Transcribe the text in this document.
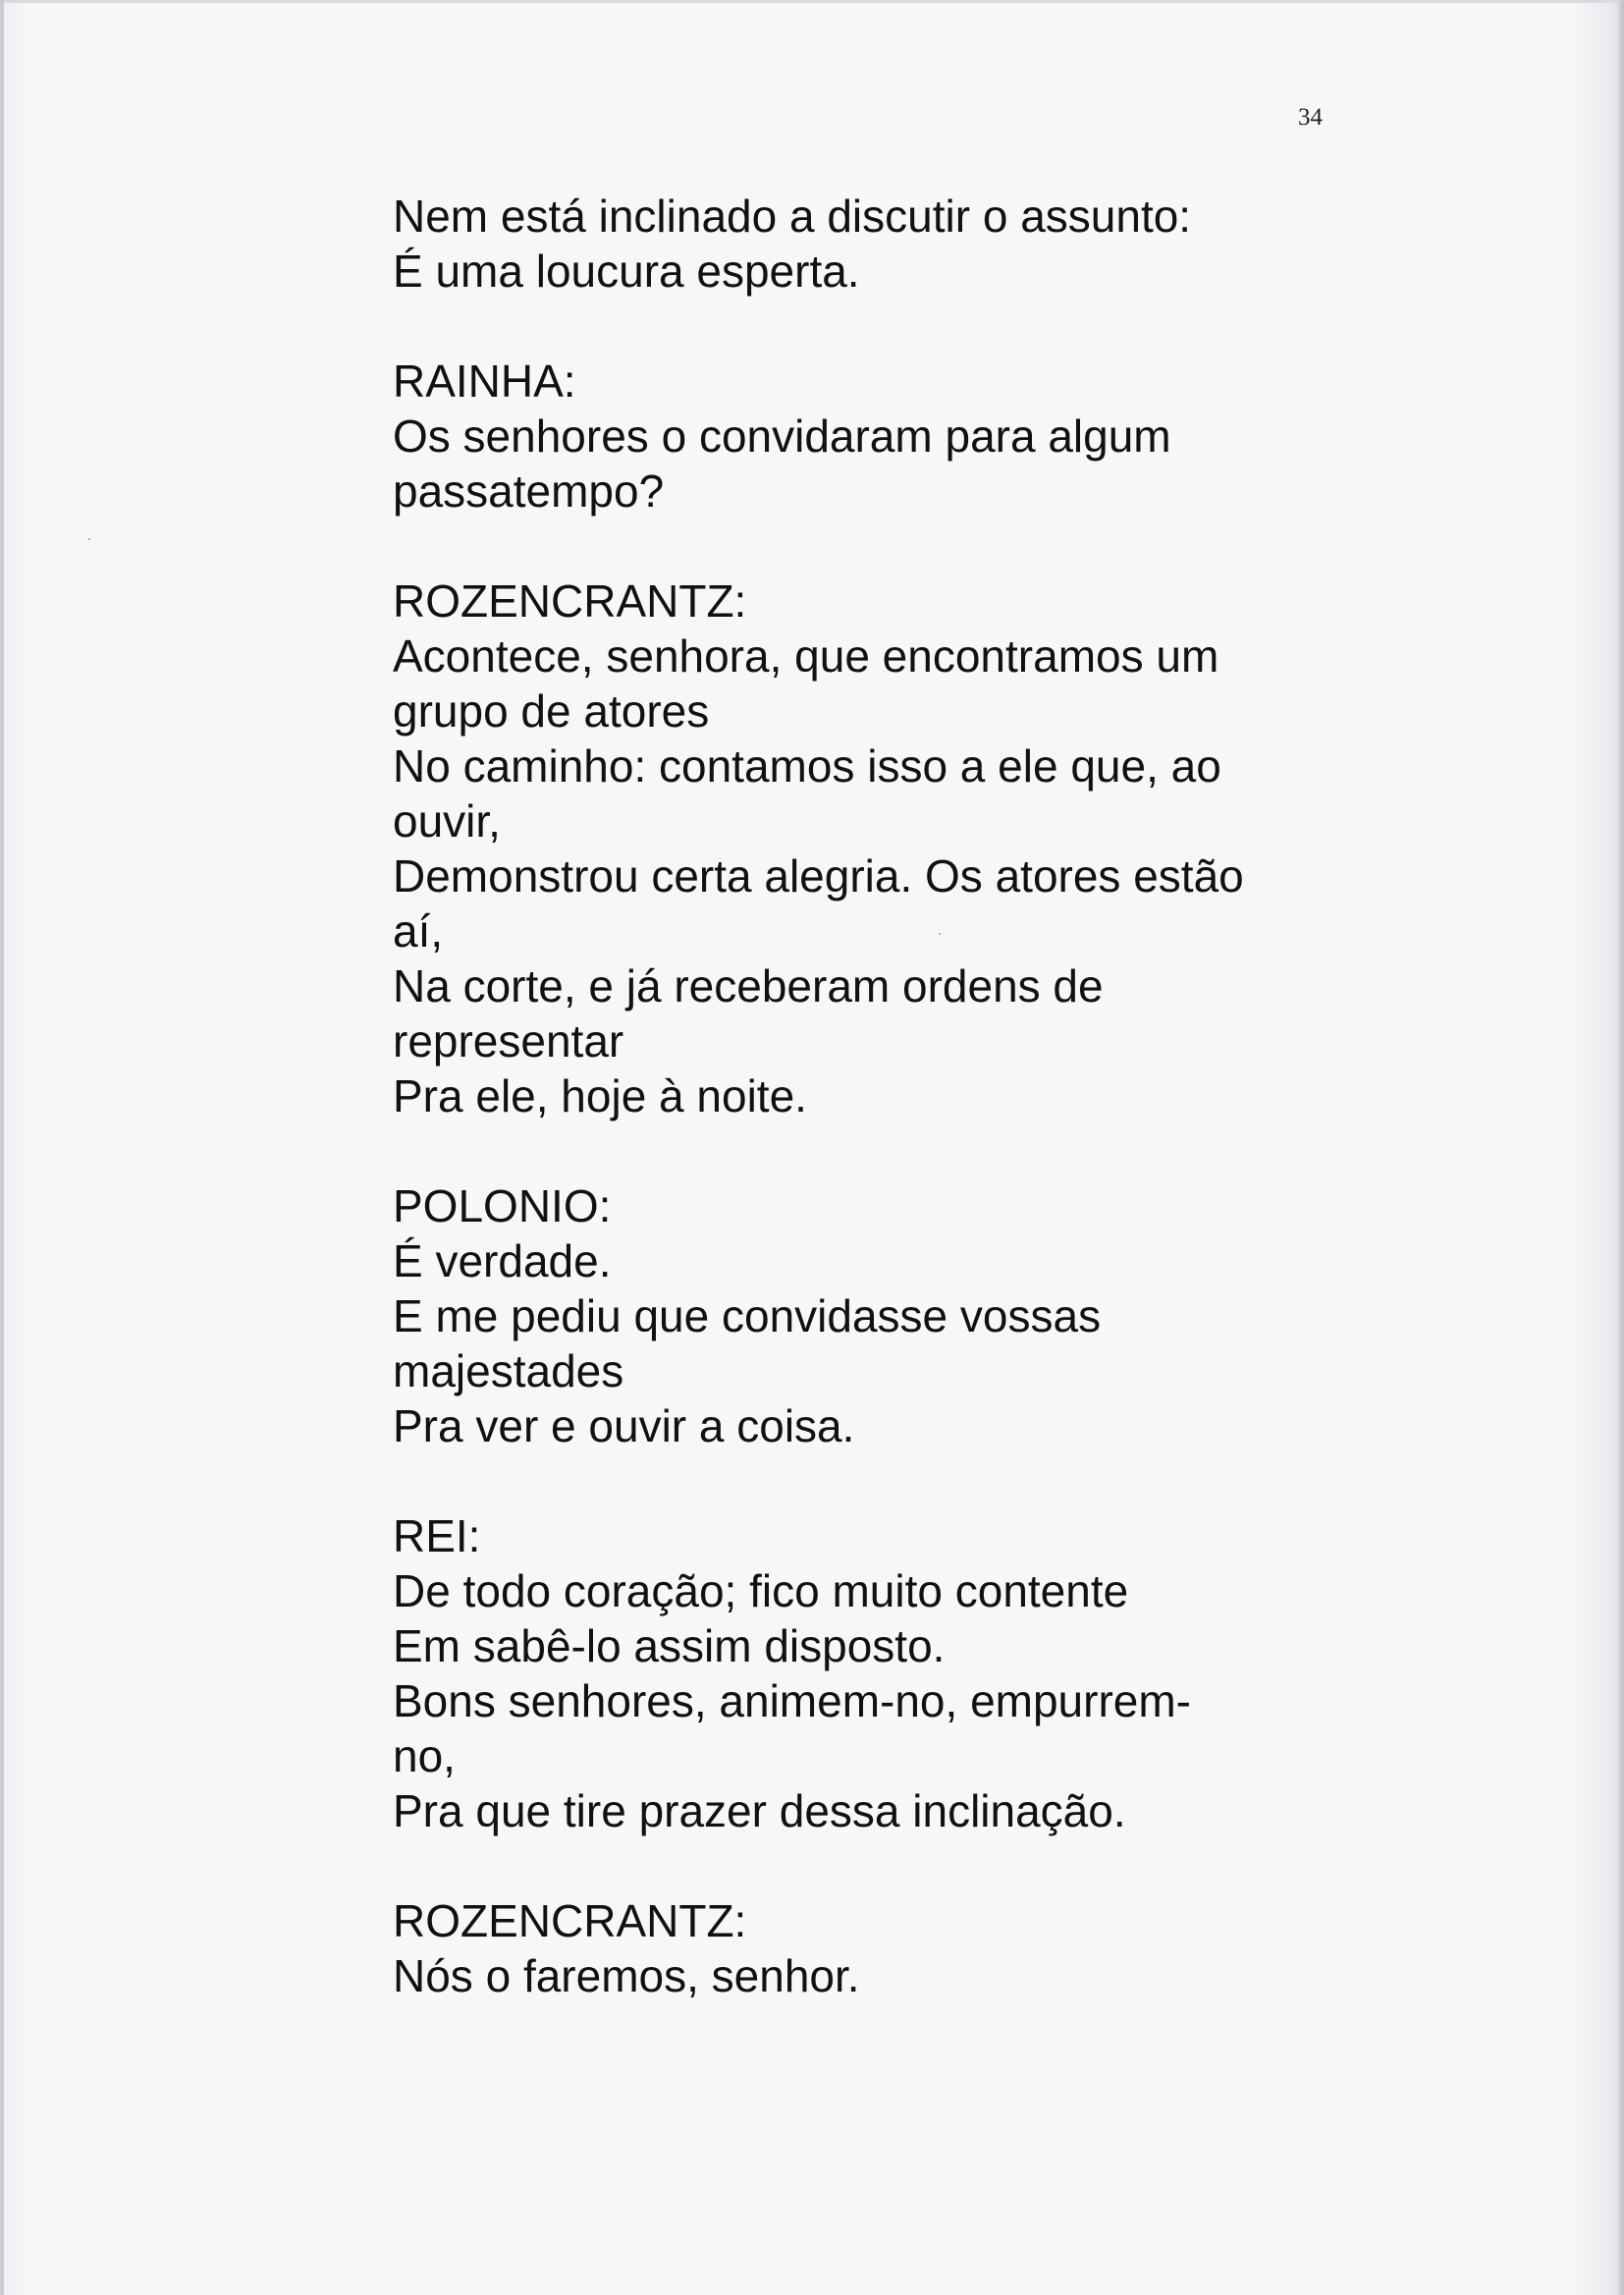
34
Nem está inclinado a discutir o assunto:
É uma loucura esperta.
RAINHA:
Os senhores o convidaram para algum
passatempo?
ROZENCRANTZ:
Acontece, senhora, que encontramos um
grupo de atores
No caminho: contamos isso a ele que, ao
ouvir,
Demonstrou certa alegria. Os atores estão
aí,
Na corte, e já receberam ordens de
representar
Pra ele, hoje à noite.
POLONIO:
É verdade.
E me pediu que convidasse vossas
majestades
Pra ver e ouvir a coisa.
REI:
De todo coração; fico muito contente
Em sabê-lo assim disposto.
Bons senhores, animem-no, empurrem-
no,
Pra que tire prazer dessa inclinação.
ROZENCRANTZ:
Nós o faremos, senhor.
